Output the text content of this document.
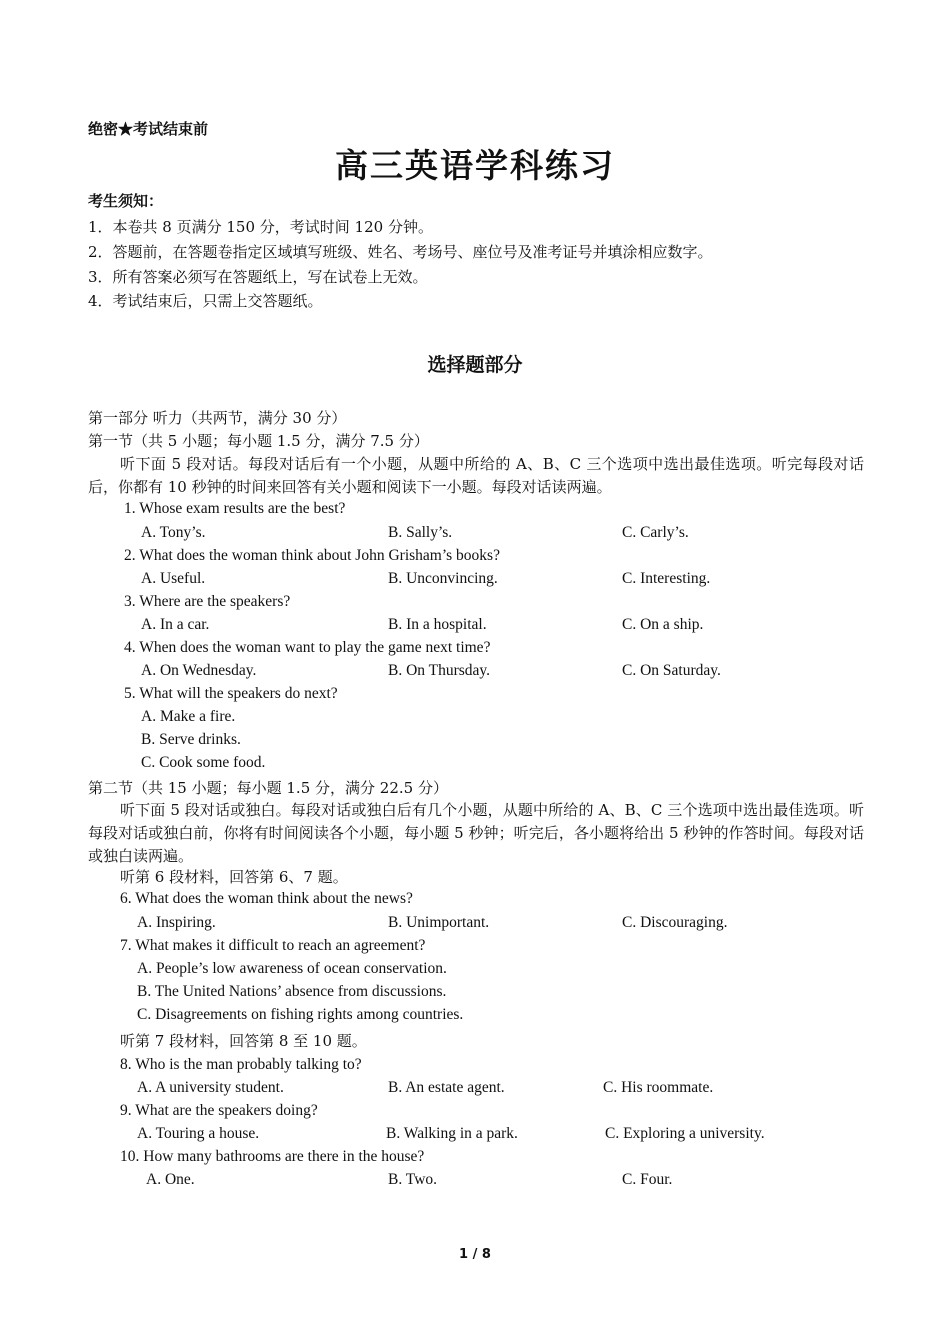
绝密★考试结束前
高三英语学科练习
考生须知：
1．本卷共 8 页满分 150 分，考试时间 120 分钟。
2．答题前，在答题卷指定区域填写班级、姓名、考场号、座位号及准考证号并填涂相应数字。
3．所有答案必须写在答题纸上，写在试卷上无效。
4．考试结束后，只需上交答题纸。
选择题部分
第一部分 听力（共两节，满分 30 分）
第一节（共 5 小题；每小题 1.5 分，满分 7.5 分）
听下面 5 段对话。每段对话后有一个小题，从题中所给的 A、B、C 三个选项中选出最佳选项。听完每段对话后，你都有 10 秒钟的时间来回答有关小题和阅读下一小题。每段对话读两遍。
1. Whose exam results are the best?
A. Tony’s.	B. Sally’s.	C. Carly’s.
2. What does the woman think about John Grisham’s books?
A. Useful.	B. Unconvincing.	C. Interesting.
3. Where are the speakers?
A. In a car.	B. In a hospital.	C. On a ship.
4. When does the woman want to play the game next time?
A. On Wednesday.	B. On Thursday.	C. On Saturday.
5. What will the speakers do next?
A. Make a fire.
B. Serve drinks.
C. Cook some food.
第二节（共 15 小题；每小题 1.5 分，满分 22.5 分）
听下面 5 段对话或独白。每段对话或独白后有几个小题，从题中所给的 A、B、C 三个选项中选出最佳选项。听每段对话或独白前，你将有时间阅读各个小题，每小题 5 秒钟；听完后，各小题将给出 5 秒钟的作答时间。每段对话或独白读两遍。
听第 6 段材料，回答第 6、7 题。
6. What does the woman think about the news?
A. Inspiring.	B. Unimportant.	C. Discouraging.
7. What makes it difficult to reach an agreement?
A. People’s low awareness of ocean conservation.
B. The United Nations’ absence from discussions.
C. Disagreements on fishing rights among countries.
听第 7 段材料，回答第 8 至 10 题。
8. Who is the man probably talking to?
A. A university student.	B. An estate agent.	C. His roommate.
9. What are the speakers doing?
A. Touring a house.	B. Walking in a park.	C. Exploring a university.
10. How many bathrooms are there in the house?
A. One.	B. Two.	C. Four.
1 / 8
